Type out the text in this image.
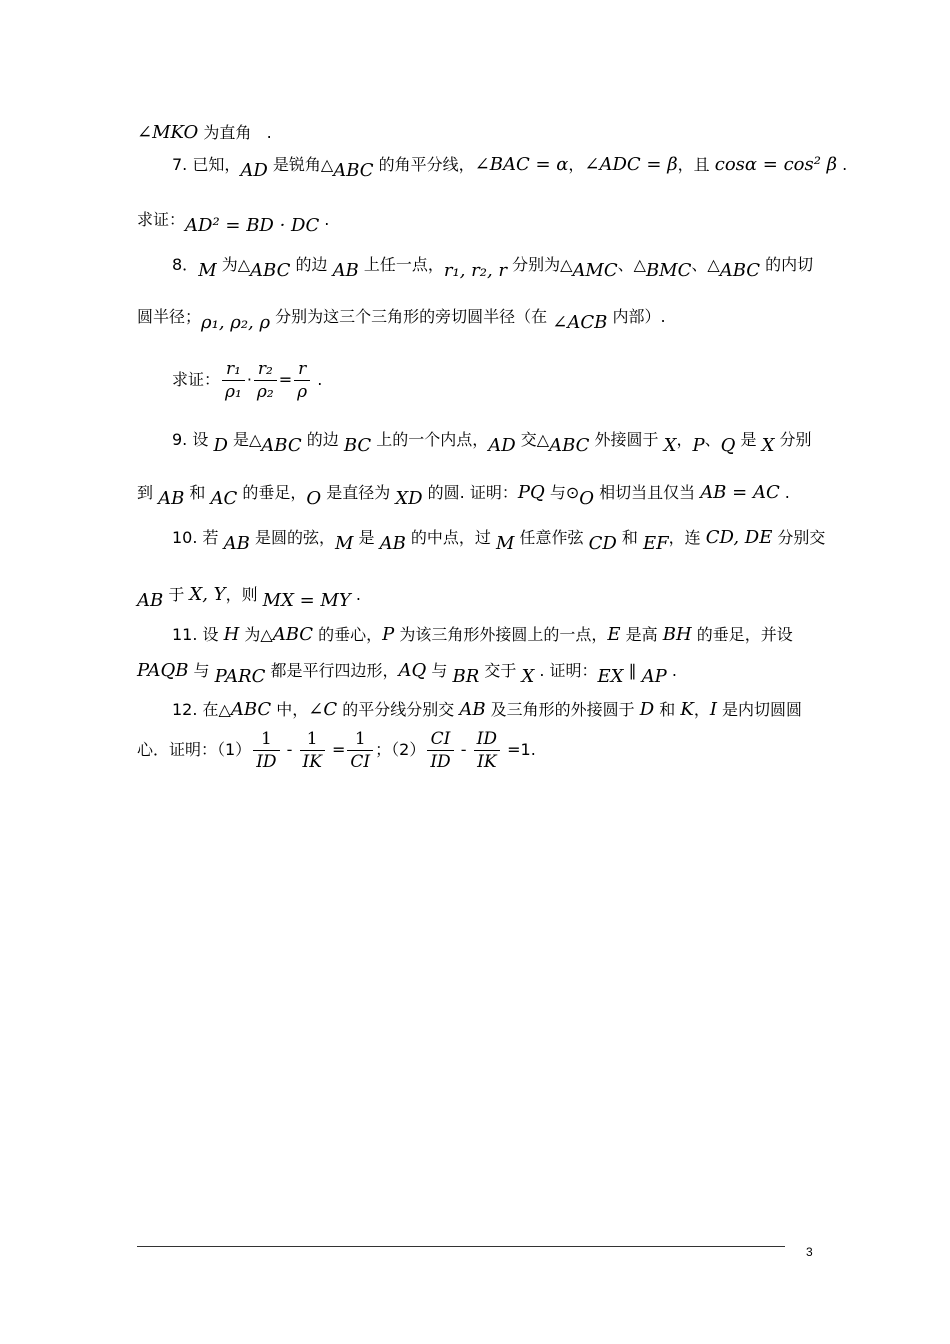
∠MKO 为直角   .
7. 已知，AD 是锐角△ABC 的角平分线，∠BAC = α，∠ADC = β，且 cosα = cos² β .
求证：AD² = BD · DC .
8．M 为△ABC 的边 AB 上任一点，r₁, r₂, r 分别为△AMC、△BMC、△ABC 的内切
圆半径；ρ₁, ρ₂, ρ 分别为这三个三角形的旁切圆半径（在 ∠ACB 内部）.
求证： $\frac{\text{r₁}}{\text{ρ₁}} \cdot \frac{\text{r₂}}{\text{ρ₂}} = \frac{r}{\rho}$ .
9. 设 D 是△ABC 的边 BC 上的一个内点，AD 交△ABC 外接圆于 X，P、Q 是 X 分别
到 AB 和 AC 的垂足，O 是直径为 XD 的圆. 证明：PQ 与⊙O 相切当且仅当 AB = AC .
10. 若 AB 是圆的弦，M 是 AB 的中点，过 M 任意作弦 CD 和 EF，连 CD, DE 分别交
AB 于 X, Y，则 MX = MY .
11. 设 H 为△ABC 的垂心，P 为该三角形外接圆上的一点，E 是高 BH 的垂足，并设
PAQB 与 PARC 都是平行四边形，AQ 与 BR 交于 X . 证明：EX ∥ AP .
12. 在△ABC 中，∠C 的平分线分别交 AB 及三角形的外接圆于 D 和 K，I 是内切圆圆
心．证明：$(1) \frac{1}{ID} - \frac{1}{IK} = \frac{1}{CI}$ ；$(2) \frac{CI}{ID} - \frac{ID}{IK} =1$.
3
